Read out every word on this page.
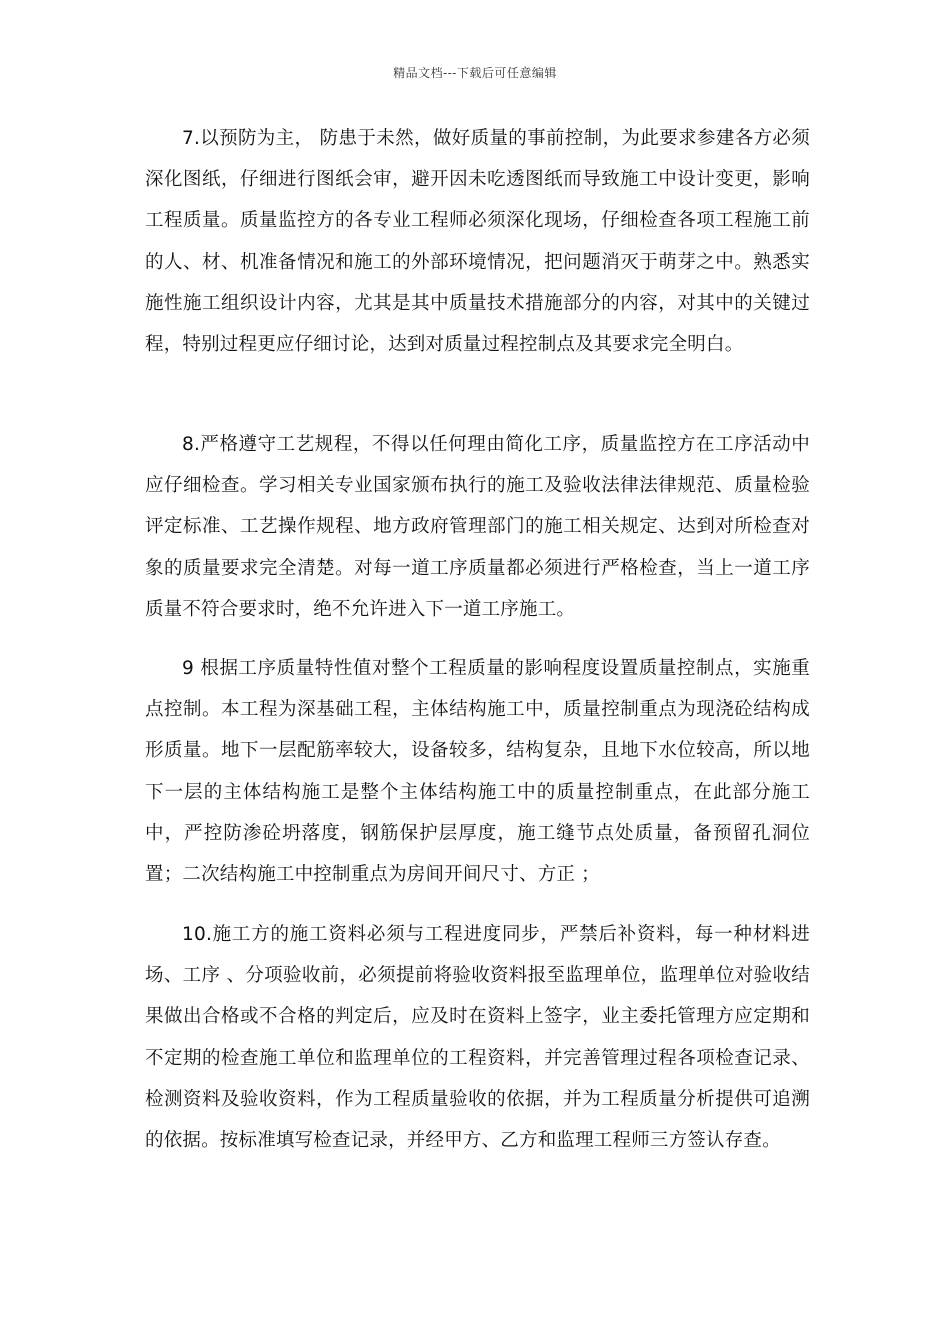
精品文档---下载后可任意编辑

7.以预防为主， 防患于未然，做好质量的事前控制，为此要求参建各方必须深化图纸，仔细进行图纸会审，避开因未吃透图纸而导致施工中设计变更，影响工程质量。质量监控方的各专业工程师必须深化现场，仔细检查各项工程施工前的人、材、机准备情况和施工的外部环境情况，把问题消灭于萌芽之中。熟悉实施性施工组织设计内容，尤其是其中质量技术措施部分的内容，对其中的关键过程，特别过程更应仔细讨论，达到对质量过程控制点及其要求完全明白。

8.严格遵守工艺规程，不得以任何理由简化工序，质量监控方在工序活动中应仔细检查。学习相关专业国家颁布执行的施工及验收法律法律规范、质量检验评定标准、工艺操作规程、地方政府管理部门的施工相关规定、达到对所检查对象的质量要求完全清楚。对每一道工序质量都必须进行严格检查，当上一道工序质量不符合要求时，绝不允许进入下一道工序施工。

9 根据工序质量特性值对整个工程质量的影响程度设置质量控制点，实施重点控制。本工程为深基础工程，主体结构施工中，质量控制重点为现浇砼结构成形质量。地下一层配筋率较大，设备较多，结构复杂，且地下水位较高，所以地下一层的主体结构施工是整个主体结构施工中的质量控制重点，在此部分施工中，严控防渗砼坍落度，钢筋保护层厚度，施工缝节点处质量，备预留孔洞位置；二次结构施工中控制重点为房间开间尺寸、方正 ；

10.施工方的施工资料必须与工程进度同步，严禁后补资料，每一种材料进场、工序 、分项验收前，必须提前将验收资料报至监理单位，监理单位对验收结果做出合格或不合格的判定后，应及时在资料上签字，业主委托管理方应定期和不定期的检查施工单位和监理单位的工程资料，并完善管理过程各项检查记录、检测资料及验收资料，作为工程质量验收的依据，并为工程质量分析提供可追溯的依据。按标准填写检查记录，并经甲方、乙方和监理工程师三方签认存查。
